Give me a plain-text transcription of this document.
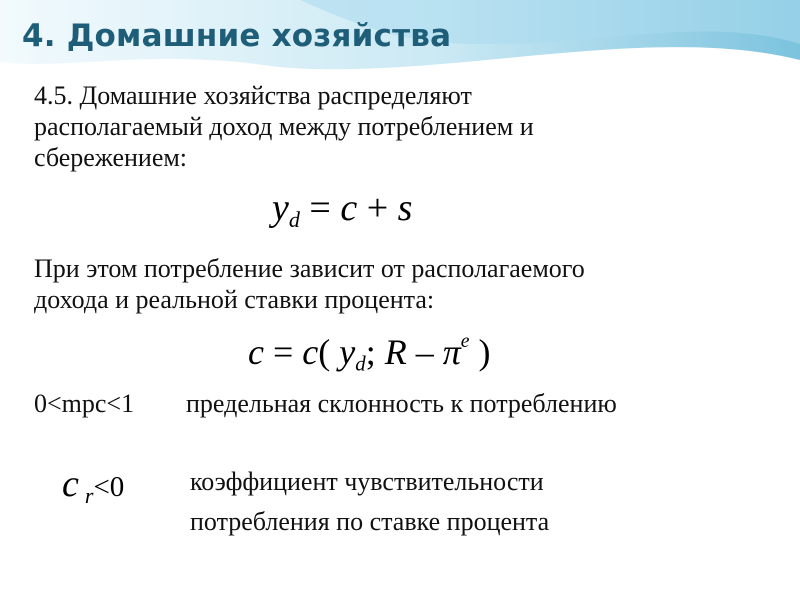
4. Домашние хозяйства

4.5. Домашние хозяйства распределяют

располагаемый доход между потреблением и

сбережением:

$y_d = c + s$

При этом потребление зависит от располагаемого

дохода и реальной ставки процента:

c = c( $y_d$; R – $\pi^e$ )

0<mpc<1 предельная склонность к потреблению

c $_r$<0	коэффициент чувствительности

потребления по ставке процента
